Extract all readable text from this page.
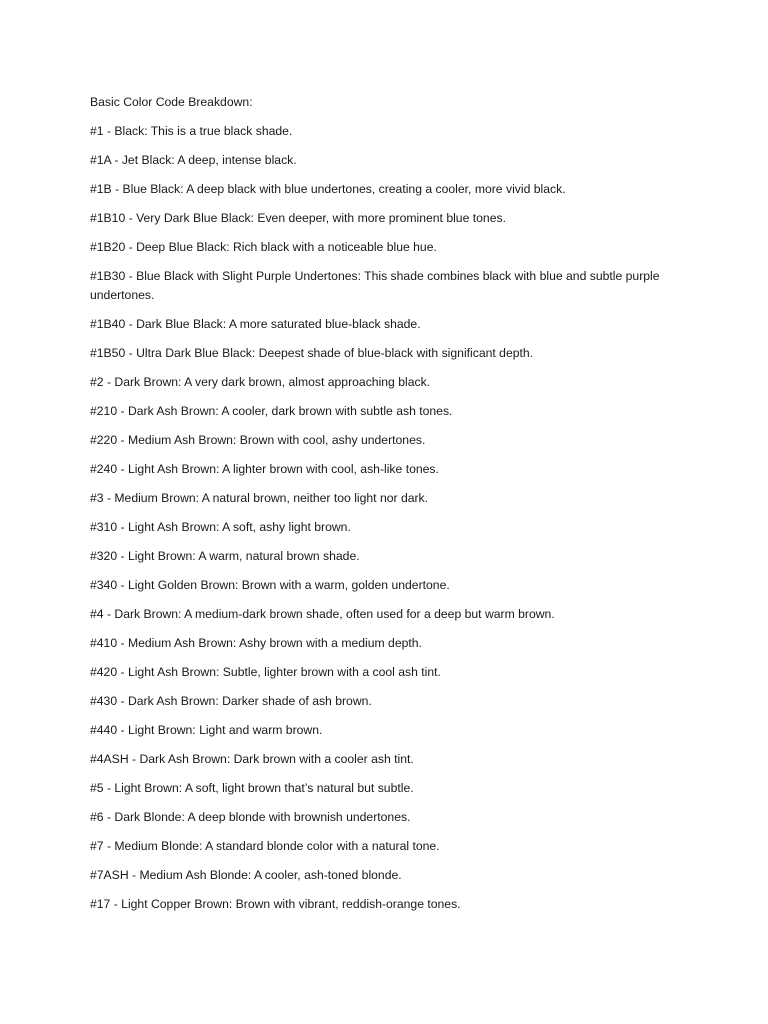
Basic Color Code Breakdown:

#1 - Black: This is a true black shade.

#1A - Jet Black: A deep, intense black.

#1B - Blue Black: A deep black with blue undertones, creating a cooler, more vivid black.

#1B10 - Very Dark Blue Black: Even deeper, with more prominent blue tones.

#1B20 - Deep Blue Black: Rich black with a noticeable blue hue.

#1B30 - Blue Black with Slight Purple Undertones: This shade combines black with blue and subtle purple undertones.

#1B40 - Dark Blue Black: A more saturated blue-black shade.

#1B50 - Ultra Dark Blue Black: Deepest shade of blue-black with significant depth.

#2 - Dark Brown: A very dark brown, almost approaching black.

#210 - Dark Ash Brown: A cooler, dark brown with subtle ash tones.

#220 - Medium Ash Brown: Brown with cool, ashy undertones.

#240 - Light Ash Brown: A lighter brown with cool, ash-like tones.

#3 - Medium Brown: A natural brown, neither too light nor dark.

#310 - Light Ash Brown: A soft, ashy light brown.

#320 - Light Brown: A warm, natural brown shade.

#340 - Light Golden Brown: Brown with a warm, golden undertone.

#4 - Dark Brown: A medium-dark brown shade, often used for a deep but warm brown.

#410 - Medium Ash Brown: Ashy brown with a medium depth.

#420 - Light Ash Brown: Subtle, lighter brown with a cool ash tint.

#430 - Dark Ash Brown: Darker shade of ash brown.

#440 - Light Brown: Light and warm brown.

#4ASH - Dark Ash Brown: Dark brown with a cooler ash tint.

#5 - Light Brown: A soft, light brown that’s natural but subtle.

#6 - Dark Blonde: A deep blonde with brownish undertones.

#7 - Medium Blonde: A standard blonde color with a natural tone.

#7ASH - Medium Ash Blonde: A cooler, ash-toned blonde.

#17 - Light Copper Brown: Brown with vibrant, reddish-orange tones.
